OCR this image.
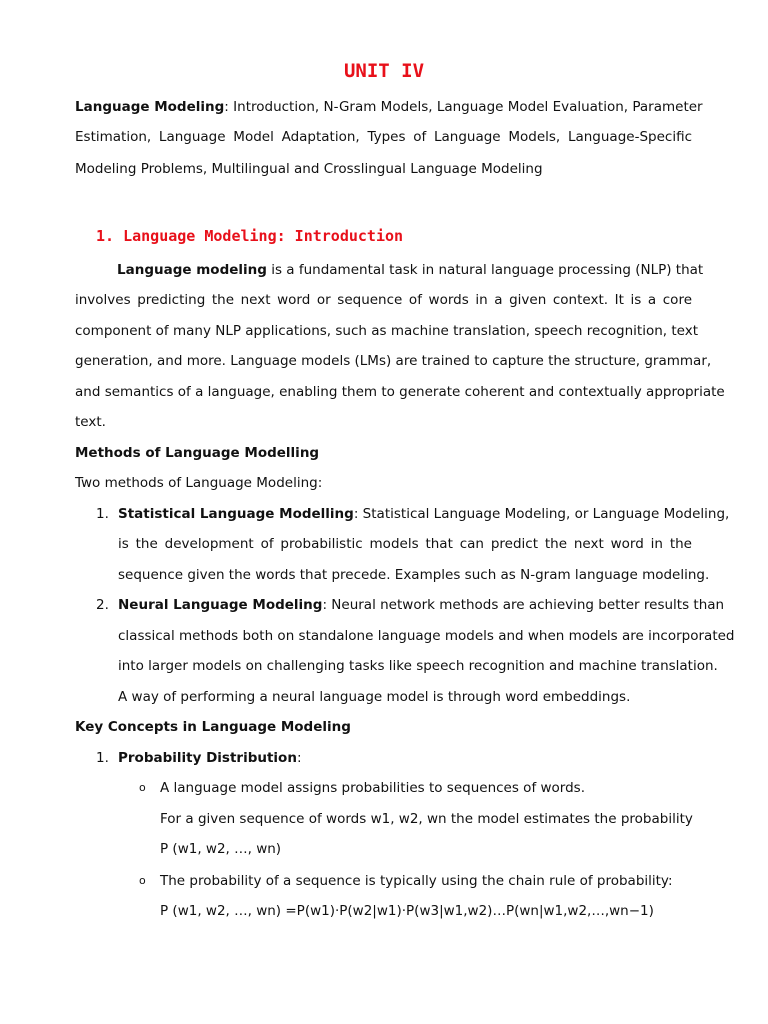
UNIT IV
Language Modeling: Introduction, N-Gram Models, Language Model Evaluation, Parameter
Estimation, Language Model Adaptation, Types of Language Models, Language-Specific
Modeling Problems, Multilingual and Crosslingual Language Modeling
1. Language Modeling: Introduction
Language modeling is a fundamental task in natural language processing (NLP) that
involves predicting the next word or sequence of words in a given context. It is a core
component of many NLP applications, such as machine translation, speech recognition, text
generation, and more. Language models (LMs) are trained to capture the structure, grammar,
and semantics of a language, enabling them to generate coherent and contextually appropriate
text.
Methods of Language Modelling
Two methods of Language Modeling:
1. Statistical Language Modelling: Statistical Language Modeling, or Language Modeling,
is the development of probabilistic models that can predict the next word in the
sequence given the words that precede. Examples such as N-gram language modeling.
2. Neural Language Modeling: Neural network methods are achieving better results than
classical methods both on standalone language models and when models are incorporated
into larger models on challenging tasks like speech recognition and machine translation.
A way of performing a neural language model is through word embeddings.
Key Concepts in Language Modeling
1. Probability Distribution:
o A language model assigns probabilities to sequences of words.
For a given sequence of words w1, w2, wn the model estimates the probability
P (w1, w2, …, wn)
o The probability of a sequence is typically using the chain rule of probability:
P (w1, w2, …, wn) =P(w1)·P(w2|w1)·P(w3|w1,w2)…P(wn|w1,w2,…,wn−1)
